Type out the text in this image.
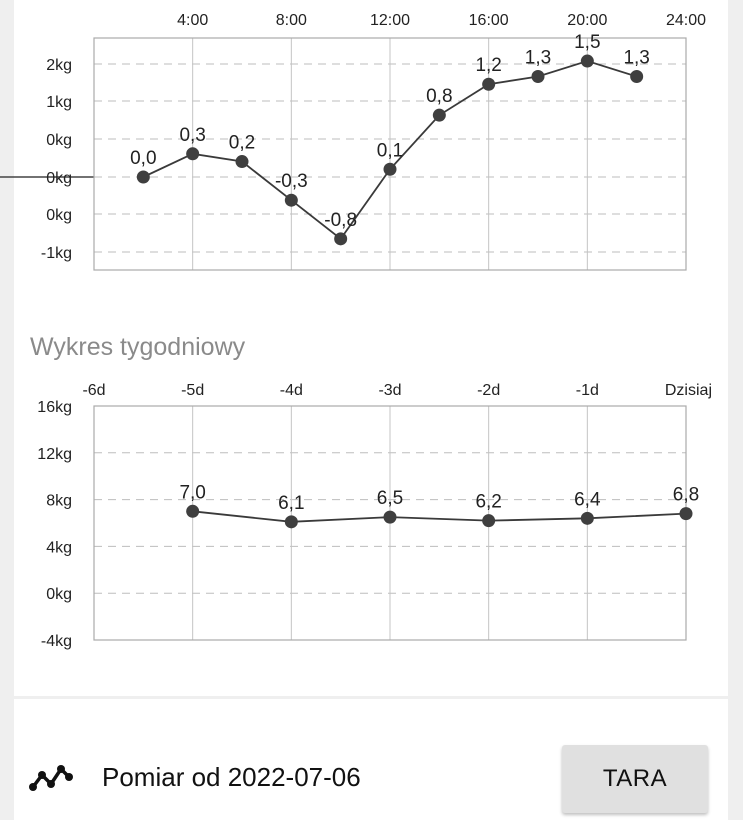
4:00	8:00	12:00	16:00	20:00	24:00
2kg
1kg
0kg
0kg
0kg
-1kg
0,0
0,3 0,2
-0,3
-0,8
0,1
0,8
1,2 1,3
1,5
1,3
Wykres tygodniowy
-6d	-5d	-4d	-3d	-2d	-1d	Dzisiaj
16kg
12kg
8kg
4kg
0kg
-4kg
7,0
6,1	6,5	6,2	6,4	6,8
Pomiar od 2022-07-06	TARA
